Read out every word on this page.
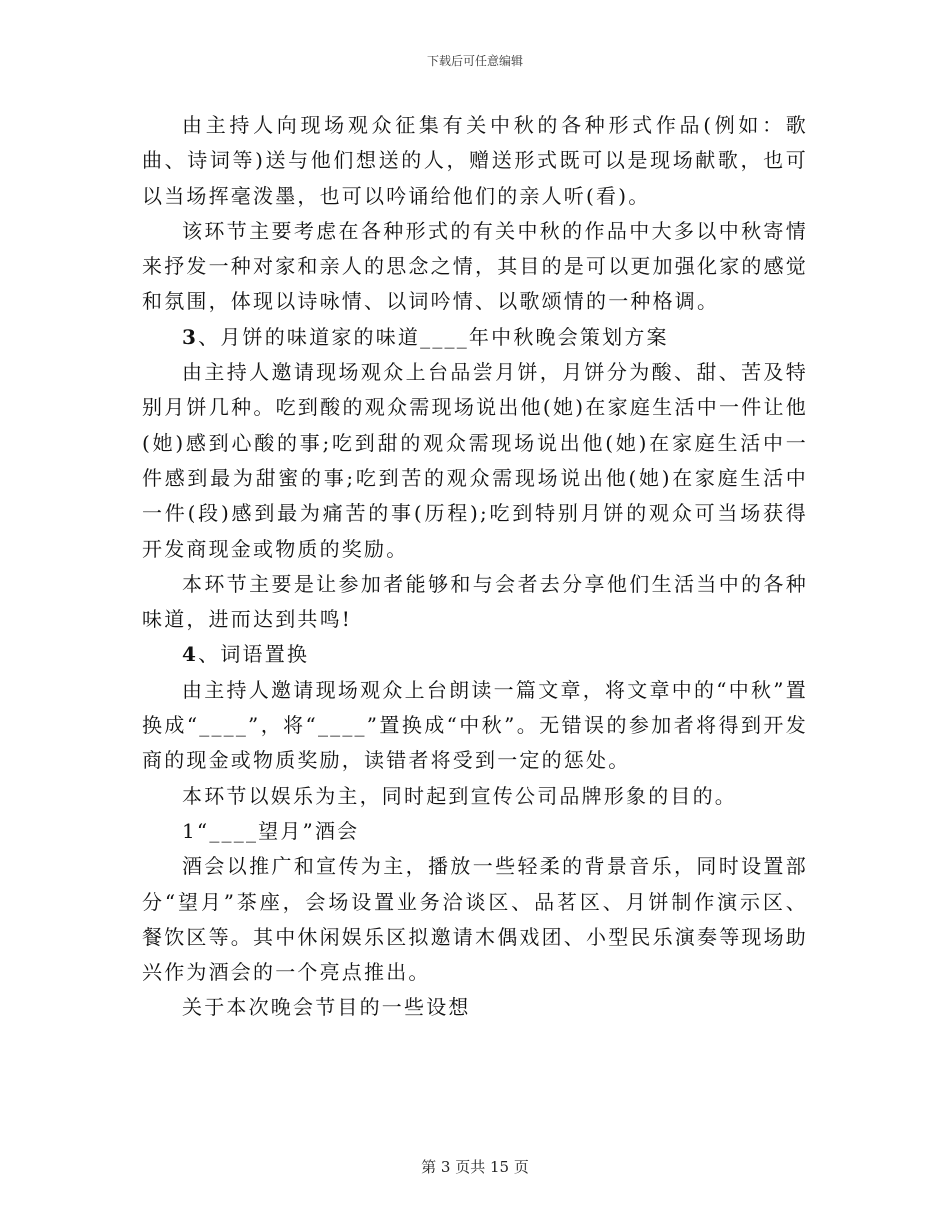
下载后可任意编辑

由主持人向现场观众征集有关中秋的各种形式作品(例如：歌曲、诗词等)送与他们想送的人，赠送形式既可以是现场献歌，也可以当场挥毫泼墨，也可以吟诵给他们的亲人听(看)。

该环节主要考虑在各种形式的有关中秋的作品中大多以中秋寄情来抒发一种对家和亲人的思念之情，其目的是可以更加强化家的感觉和氛围，体现以诗咏情、以词吟情、以歌颂情的一种格调。

3、月饼的味道家的味道____年中秋晚会策划方案

由主持人邀请现场观众上台品尝月饼，月饼分为酸、甜、苦及特别月饼几种。吃到酸的观众需现场说出他(她)在家庭生活中一件让他(她)感到心酸的事;吃到甜的观众需现场说出他(她)在家庭生活中一件感到最为甜蜜的事;吃到苦的观众需现场说出他(她)在家庭生活中一件(段)感到最为痛苦的事(历程);吃到特别月饼的观众可当场获得开发商现金或物质的奖励。

本环节主要是让参加者能够和与会者去分享他们生活当中的各种味道，进而达到共鸣!

4、词语置换

由主持人邀请现场观众上台朗读一篇文章，将文章中的“中秋”置换成“____”，将“____”置换成“中秋”。无错误的参加者将得到开发商的现金或物质奖励，读错者将受到一定的惩处。

本环节以娱乐为主，同时起到宣传公司品牌形象的目的。

1“____望月”酒会

酒会以推广和宣传为主，播放一些轻柔的背景音乐，同时设置部分“望月”茶座，会场设置业务洽谈区、品茗区、月饼制作演示区、餐饮区等。其中休闲娱乐区拟邀请木偶戏团、小型民乐演奏等现场助兴作为酒会的一个亮点推出。

关于本次晚会节目的一些设想

第 3 页共 15 页
